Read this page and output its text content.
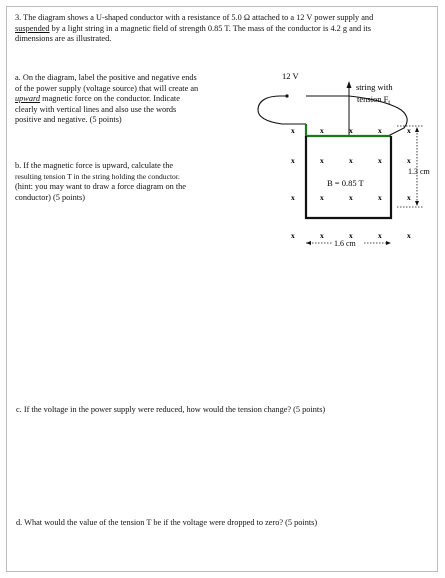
3. The diagram shows a U-shaped conductor with a resistance of 5.0 Ω attached to a 12 V power supply and
suspended by a light string in a magnetic field of strength 0.85 T. The mass of the conductor is 4.2 g and its
dimensions are as illustrated.
a. On the diagram, label the positive and negative ends
of the power supply (voltage source) that will create an
upward magnetic force on the conductor. Indicate
clearly with vertical lines and also use the words
positive and negative. (5 points)
b. If the magnetic force is upward, calculate the
resulting tension T in the string holding the conductor.
(hint: you may want to draw a force diagram on the
conductor) (5 points)
c. If the voltage in the power supply were reduced, how would the tension change? (5 points)
d. What would the value of the tension T be if the voltage were dropped to zero? (5 points)
12 V
string with
tension $F_t$
x	x	x	x	x
x	x	x	x	x
x	x	x	x	x
x	x	x	x	x
B = 0.85 T
1.3 cm
1.6 cm
